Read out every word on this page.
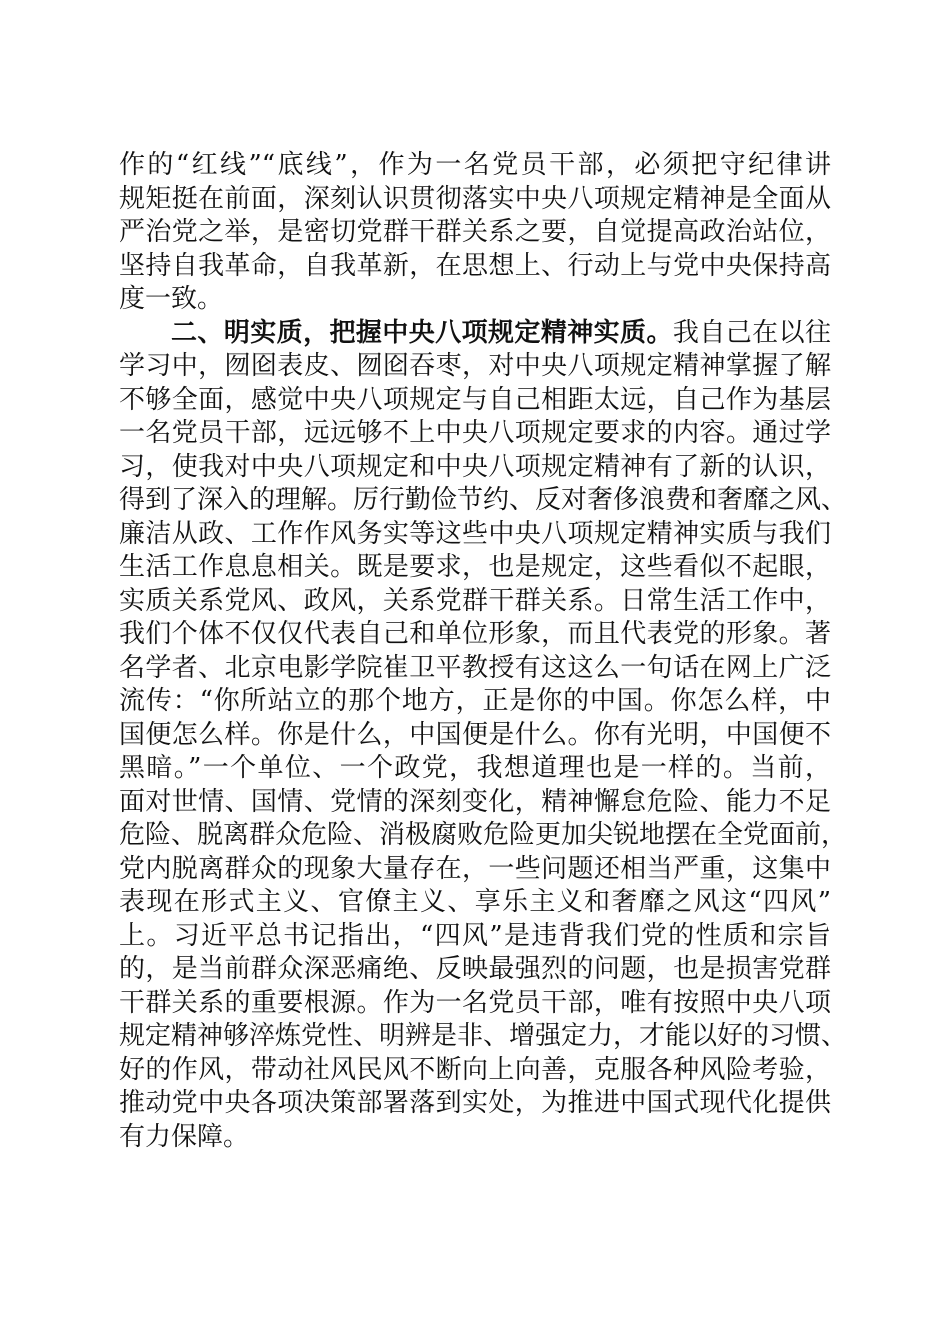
作的“红线”“底线”，作为一名党员干部，必须把守纪律讲
规矩挺在前面，深刻认识贯彻落实中央八项规定精神是全面从
严治党之举，是密切党群干群关系之要，自觉提高政治站位，
坚持自我革命，自我革新，在思想上、行动上与党中央保持高
度一致。
二、明实质，把握中央八项规定精神实质。我自己在以往
学习中，囫囵表皮、囫囵吞枣，对中央八项规定精神掌握了解
不够全面，感觉中央八项规定与自己相距太远，自己作为基层
一名党员干部，远远够不上中央八项规定要求的内容。通过学
习，使我对中央八项规定和中央八项规定精神有了新的认识，
得到了深入的理解。厉行勤俭节约、反对奢侈浪费和奢靡之风、
廉洁从政、工作作风务实等这些中央八项规定精神实质与我们
生活工作息息相关。既是要求，也是规定，这些看似不起眼，
实质关系党风、政风，关系党群干群关系。日常生活工作中，
我们个体不仅仅代表自己和单位形象，而且代表党的形象。著
名学者、北京电影学院崔卫平教授有这这么一句话在网上广泛
流传：“你所站立的那个地方，正是你的中国。你怎么样，中
国便怎么样。你是什么，中国便是什么。你有光明，中国便不
黑暗。”一个单位、一个政党，我想道理也是一样的。当前，
面对世情、国情、党情的深刻变化，精神懈怠危险、能力不足
危险、脱离群众危险、消极腐败危险更加尖锐地摆在全党面前，
党内脱离群众的现象大量存在，一些问题还相当严重，这集中
表现在形式主义、官僚主义、享乐主义和奢靡之风这“四风”
上。习近平总书记指出，“四风”是违背我们党的性质和宗旨
的，是当前群众深恶痛绝、反映最强烈的问题，也是损害党群
干群关系的重要根源。作为一名党员干部，唯有按照中央八项
规定精神够淬炼党性、明辨是非、增强定力，才能以好的习惯、
好的作风，带动社风民风不断向上向善，克服各种风险考验，
推动党中央各项决策部署落到实处，为推进中国式现代化提供
有力保障。
